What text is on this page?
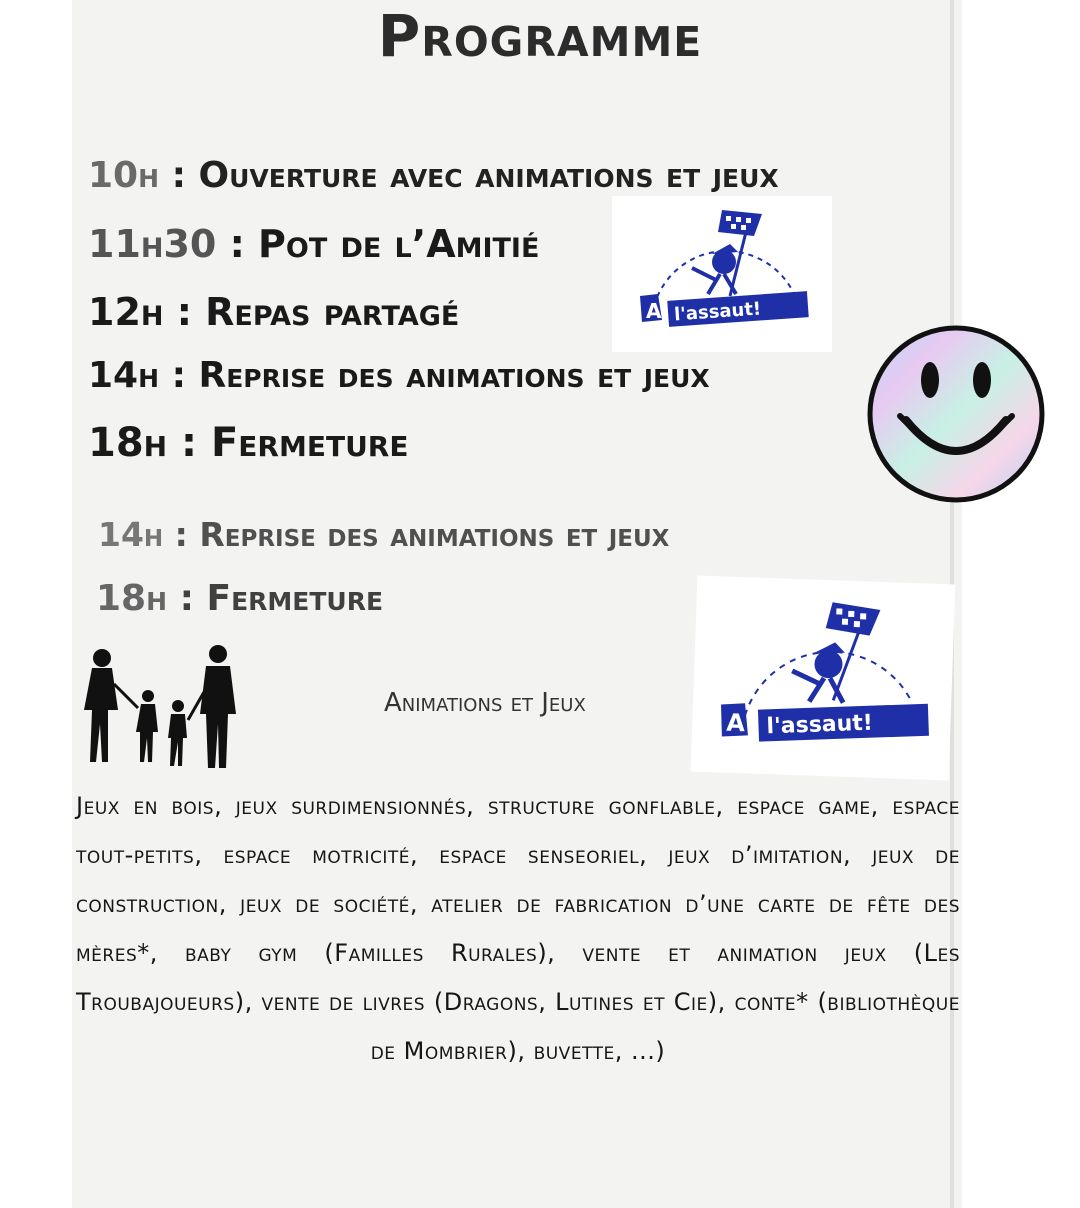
Programme
10h : Ouverture avec animations et jeux
11h30 : Pot de l’Amitié
12h : Repas partagé
14h : Reprise des animations et jeux
18h : Fermeture
14h : Reprise des animations et jeux
18h : Fermeture
A l'assaut!
Animations et Jeux
A l'assaut!
Jeux en bois, jeux surdimensionnés, structure gonflable, espace game, espace tout-petits, espace motricité, espace senseoriel, jeux d’imitation, jeux de construction, jeux de société, atelier de fabrication d’une carte de fête des mères*, baby gym (Familles Rurales), vente et animation jeux (Les Troubajoueurs), vente de livres (Dragons, Lutines et Cie), conte* (bibliothèque de Mombrier), buvette, ...)
